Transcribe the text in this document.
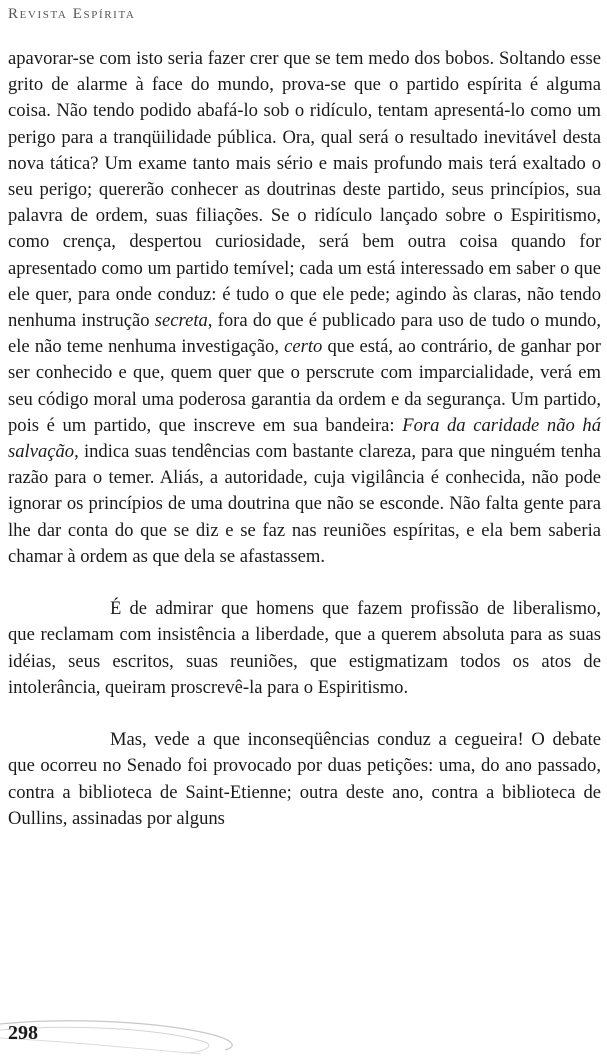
Revista Espírita

apavorar-se com isto seria fazer crer que se tem medo dos bobos. Soltando esse grito de alarme à face do mundo, prova-se que o partido espírita é alguma coisa. Não tendo podido abafá-lo sob o ridículo, tentam apresentá-lo como um perigo para a tranqüilidade pública. Ora, qual será o resultado inevitável desta nova tática? Um exame tanto mais sério e mais profundo mais terá exaltado o seu perigo; quererão conhecer as doutrinas deste partido, seus princípios, sua palavra de ordem, suas filiações. Se o ridículo lançado sobre o Espiritismo, como crença, despertou curiosidade, será bem outra coisa quando for apresentado como um partido temível; cada um está interessado em saber o que ele quer, para onde conduz: é tudo o que ele pede; agindo às claras, não tendo nenhuma instrução secreta, fora do que é publicado para uso de tudo o mundo, ele não teme nenhuma investigação, certo que está, ao contrário, de ganhar por ser conhecido e que, quem quer que o perscrute com imparcialidade, verá em seu código moral uma poderosa garantia da ordem e da segurança. Um partido, pois é um partido, que inscreve em sua bandeira: Fora da caridade não há salvação, indica suas tendências com bastante clareza, para que ninguém tenha razão para o temer. Aliás, a autoridade, cuja vigilância é conhecida, não pode ignorar os princípios de uma doutrina que não se esconde. Não falta gente para lhe dar conta do que se diz e se faz nas reuniões espíritas, e ela bem saberia chamar à ordem as que dela se afastassem.

É de admirar que homens que fazem profissão de liberalismo, que reclamam com insistência a liberdade, que a querem absoluta para as suas idéias, seus escritos, suas reuniões, que estigmatizam todos os atos de intolerância, queiram proscrevê-la para o Espiritismo.

Mas, vede a que inconseqüências conduz a cegueira! O debate que ocorreu no Senado foi provocado por duas petições: uma, do ano passado, contra a biblioteca de Saint-Etienne; outra deste ano, contra a biblioteca de Oullins, assinadas por alguns

298
